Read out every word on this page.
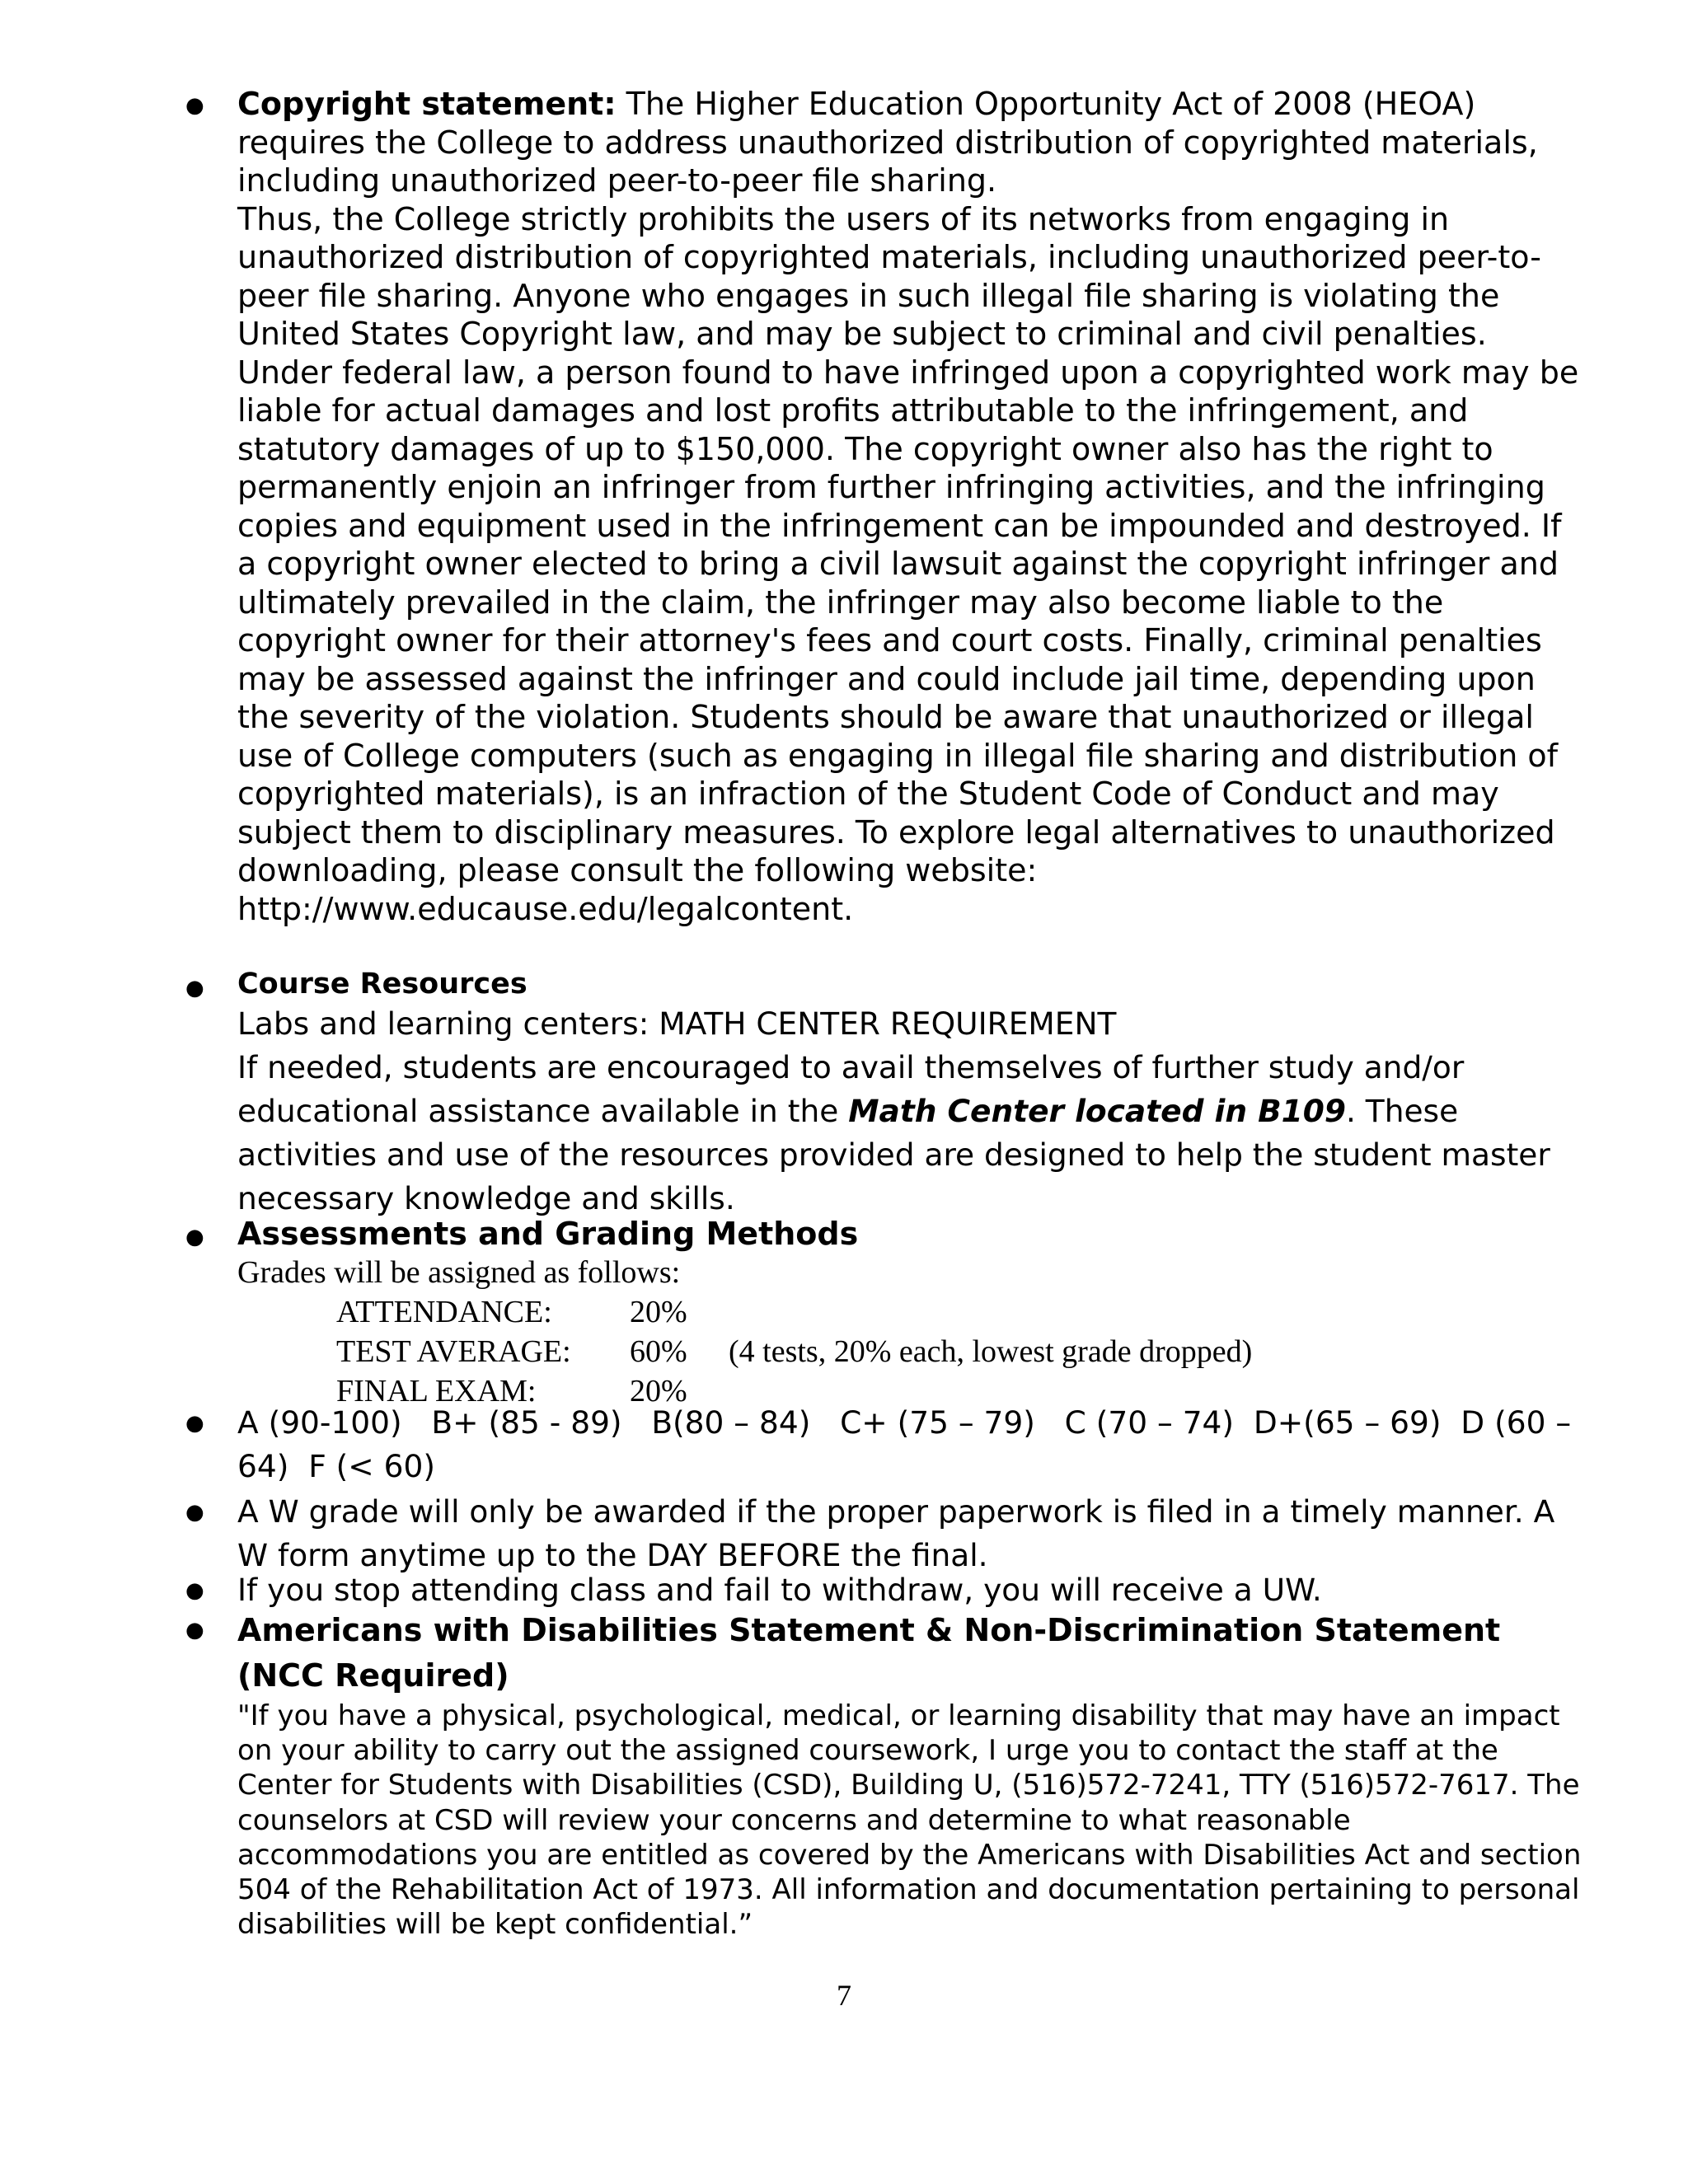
● Copyright statement: The Higher Education Opportunity Act of 2008 (HEOA) requires the College to address unauthorized distribution of copyrighted materials, including unauthorized peer-to-peer file sharing.
Thus, the College strictly prohibits the users of its networks from engaging in unauthorized distribution of copyrighted materials, including unauthorized peer-to-peer file sharing. Anyone who engages in such illegal file sharing is violating the United States Copyright law, and may be subject to criminal and civil penalties. Under federal law, a person found to have infringed upon a copyrighted work may be liable for actual damages and lost profits attributable to the infringement, and statutory damages of up to $150,000. The copyright owner also has the right to permanently enjoin an infringer from further infringing activities, and the infringing copies and equipment used in the infringement can be impounded and destroyed. If a copyright owner elected to bring a civil lawsuit against the copyright infringer and ultimately prevailed in the claim, the infringer may also become liable to the copyright owner for their attorney's fees and court costs. Finally, criminal penalties may be assessed against the infringer and could include jail time, depending upon the severity of the violation. Students should be aware that unauthorized or illegal use of College computers (such as engaging in illegal file sharing and distribution of copyrighted materials), is an infraction of the Student Code of Conduct and may subject them to disciplinary measures. To explore legal alternatives to unauthorized downloading, please consult the following website: http://www.educause.edu/legalcontent.
● Course Resources
Labs and learning centers: MATH CENTER REQUIREMENT
If needed, students are encouraged to avail themselves of further study and/or educational assistance available in the Math Center located in B109. These activities and use of the resources provided are designed to help the student master necessary knowledge and skills.
● Assessments and Grading Methods
Grades will be assigned as follows:
ATTENDANCE:	20%
TEST AVERAGE:	60%	(4 tests, 20% each, lowest grade dropped)
FINAL EXAM:	20%
● A (90-100)   B+ (85 - 89)   B(80 – 84)   C+ (75 – 79)   C (70 – 74)  D+(65 – 69)  D (60 – 64)  F (< 60)
● A W grade will only be awarded if the proper paperwork is filed in a timely manner. A W form anytime up to the DAY BEFORE the final.
● If you stop attending class and fail to withdraw, you will receive a UW.
● Americans with Disabilities Statement & Non-Discrimination Statement (NCC Required)
"If you have a physical, psychological, medical, or learning disability that may have an impact on your ability to carry out the assigned coursework, I urge you to contact the staff at the Center for Students with Disabilities (CSD), Building U, (516)572-7241, TTY (516)572-7617. The counselors at CSD will review your concerns and determine to what reasonable accommodations you are entitled as covered by the Americans with Disabilities Act and section 504 of the Rehabilitation Act of 1973. All information and documentation pertaining to personal disabilities will be kept confidential.”
7
